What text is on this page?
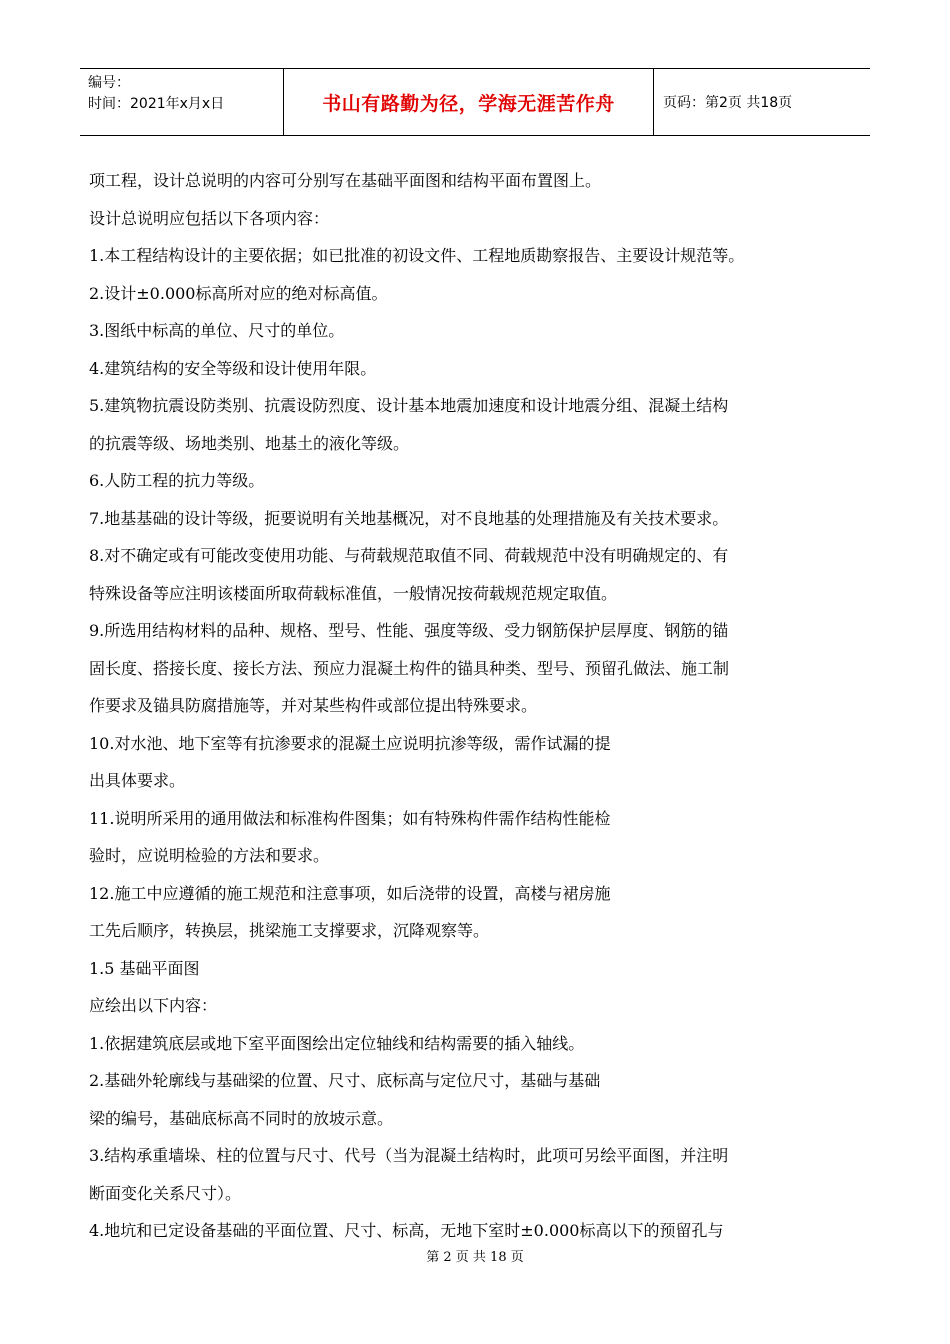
编号：
时间：2021年x月x日	书山有路勤为径，学海无涯苦作舟	页码：第2页 共18页
项工程，设计总说明的内容可分别写在基础平面图和结构平面布置图上。
设计总说明应包括以下各项内容：
1.本工程结构设计的主要依据；如已批准的初设文件、工程地质勘察报告、主要设计规范等。
2.设计±0.000标高所对应的绝对标高值。
3.图纸中标高的单位、尺寸的单位。
4.建筑结构的安全等级和设计使用年限。
5.建筑物抗震设防类别、抗震设防烈度、设计基本地震加速度和设计地震分组、混凝土结构
的抗震等级、场地类别、地基土的液化等级。
6.人防工程的抗力等级。
7.地基基础的设计等级，扼要说明有关地基概况，对不良地基的处理措施及有关技术要求。
8.对不确定或有可能改变使用功能、与荷载规范取值不同、荷载规范中没有明确规定的、有
特殊设备等应注明该楼面所取荷载标准值，一般情况按荷载规范规定取值。
9.所选用结构材料的品种、规格、型号、性能、强度等级、受力钢筋保护层厚度、钢筋的锚
固长度、搭接长度、接长方法、预应力混凝土构件的锚具种类、型号、预留孔做法、施工制
作要求及锚具防腐措施等，并对某些构件或部位提出特殊要求。
10.对水池、地下室等有抗渗要求的混凝土应说明抗渗等级，需作试漏的提
出具体要求。
11.说明所采用的通用做法和标准构件图集；如有特殊构件需作结构性能检
验时，应说明检验的方法和要求。
12.施工中应遵循的施工规范和注意事项，如后浇带的设置，高楼与裙房施
工先后顺序，转换层，挑梁施工支撑要求，沉降观察等。
1.5 基础平面图
应绘出以下内容：
1.依据建筑底层或地下室平面图绘出定位轴线和结构需要的插入轴线。
2.基础外轮廓线与基础梁的位置、尺寸、底标高与定位尺寸，基础与基础
梁的编号，基础底标高不同时的放坡示意。
3.结构承重墙垛、柱的位置与尺寸、代号（当为混凝土结构时，此项可另绘平面图，并注明
断面变化关系尺寸）。
4.地坑和已定设备基础的平面位置、尺寸、标高，无地下室时±0.000标高以下的预留孔与
第 2 页 共 18 页
